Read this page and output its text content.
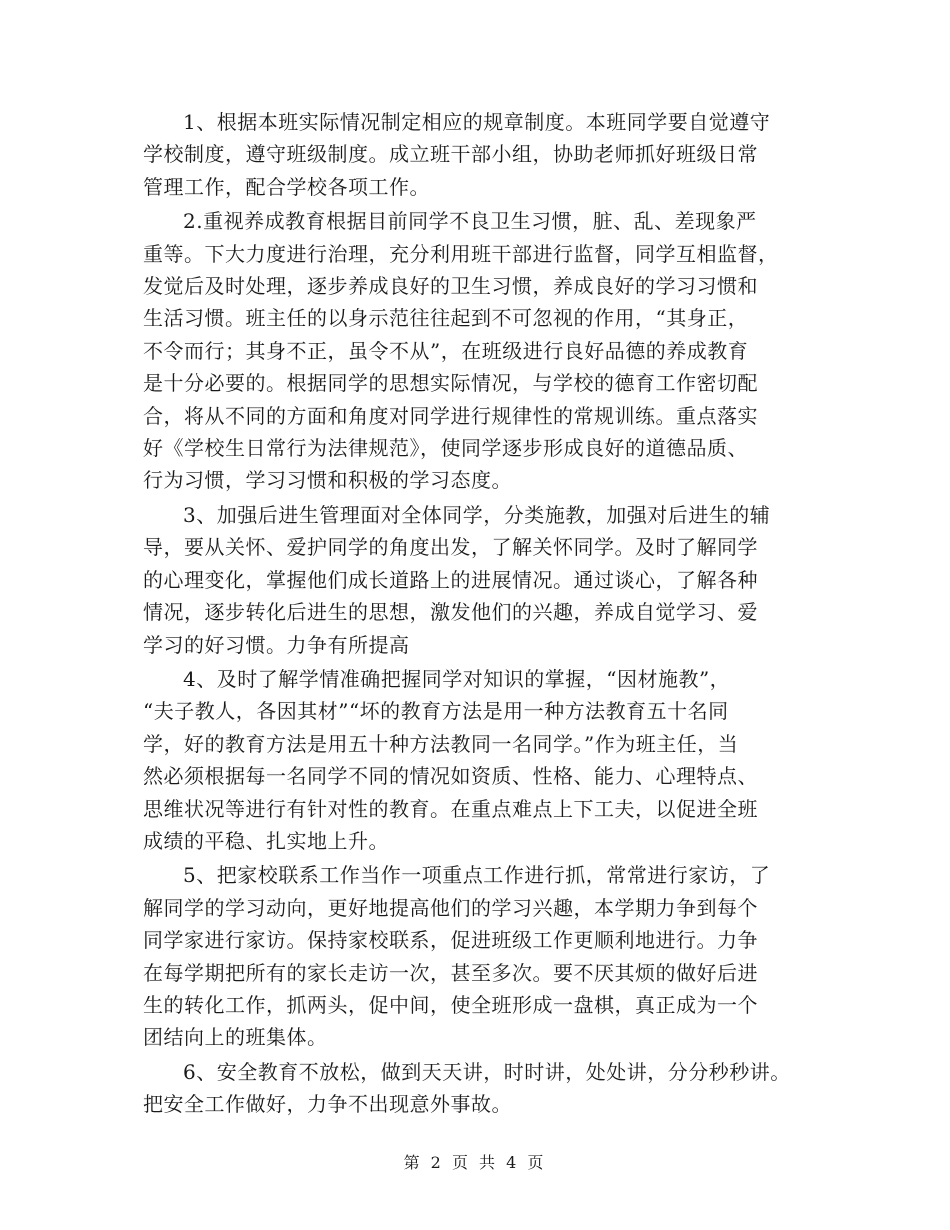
1、根据本班实际情况制定相应的规章制度。本班同学要自觉遵守
学校制度，遵守班级制度。成立班干部小组，协助老师抓好班级日常
管理工作，配合学校各项工作。
2.重视养成教育根据目前同学不良卫生习惯，脏、乱、差现象严
重等。下大力度进行治理，充分利用班干部进行监督，同学互相监督，
发觉后及时处理，逐步养成良好的卫生习惯，养成良好的学习习惯和
生活习惯。班主任的以身示范往往起到不可忽视的作用，“其身正，
不令而行；其身不正，虽令不从”，在班级进行良好品德的养成教育
是十分必要的。根据同学的思想实际情况，与学校的德育工作密切配
合，将从不同的方面和角度对同学进行规律性的常规训练。重点落实
好《学校生日常行为法律规范》，使同学逐步形成良好的道德品质、
行为习惯，学习习惯和积极的学习态度。
3、加强后进生管理面对全体同学，分类施教，加强对后进生的辅
导，要从关怀、爱护同学的角度出发，了解关怀同学。及时了解同学
的心理变化，掌握他们成长道路上的进展情况。通过谈心，了解各种
情况，逐步转化后进生的思想，激发他们的兴趣，养成自觉学习、爱
学习的好习惯。力争有所提高
4、及时了解学情准确把握同学对知识的掌握，“因材施教”，
“夫子教人，各因其材”“坏的教育方法是用一种方法教育五十名同
学，好的教育方法是用五十种方法教同一名同学。”作为班主任，当
然必须根据每一名同学不同的情况如资质、性格、能力、心理特点、
思维状况等进行有针对性的教育。在重点难点上下工夫，以促进全班
成绩的平稳、扎实地上升。
5、把家校联系工作当作一项重点工作进行抓，常常进行家访，了
解同学的学习动向，更好地提高他们的学习兴趣，本学期力争到每个
同学家进行家访。保持家校联系，促进班级工作更顺利地进行。力争
在每学期把所有的家长走访一次，甚至多次。要不厌其烦的做好后进
生的转化工作，抓两头，促中间，使全班形成一盘棋，真正成为一个
团结向上的班集体。
6、安全教育不放松，做到天天讲，时时讲，处处讲，分分秒秒讲。
把安全工作做好，力争不出现意外事故。
第 2 页 共 4 页
